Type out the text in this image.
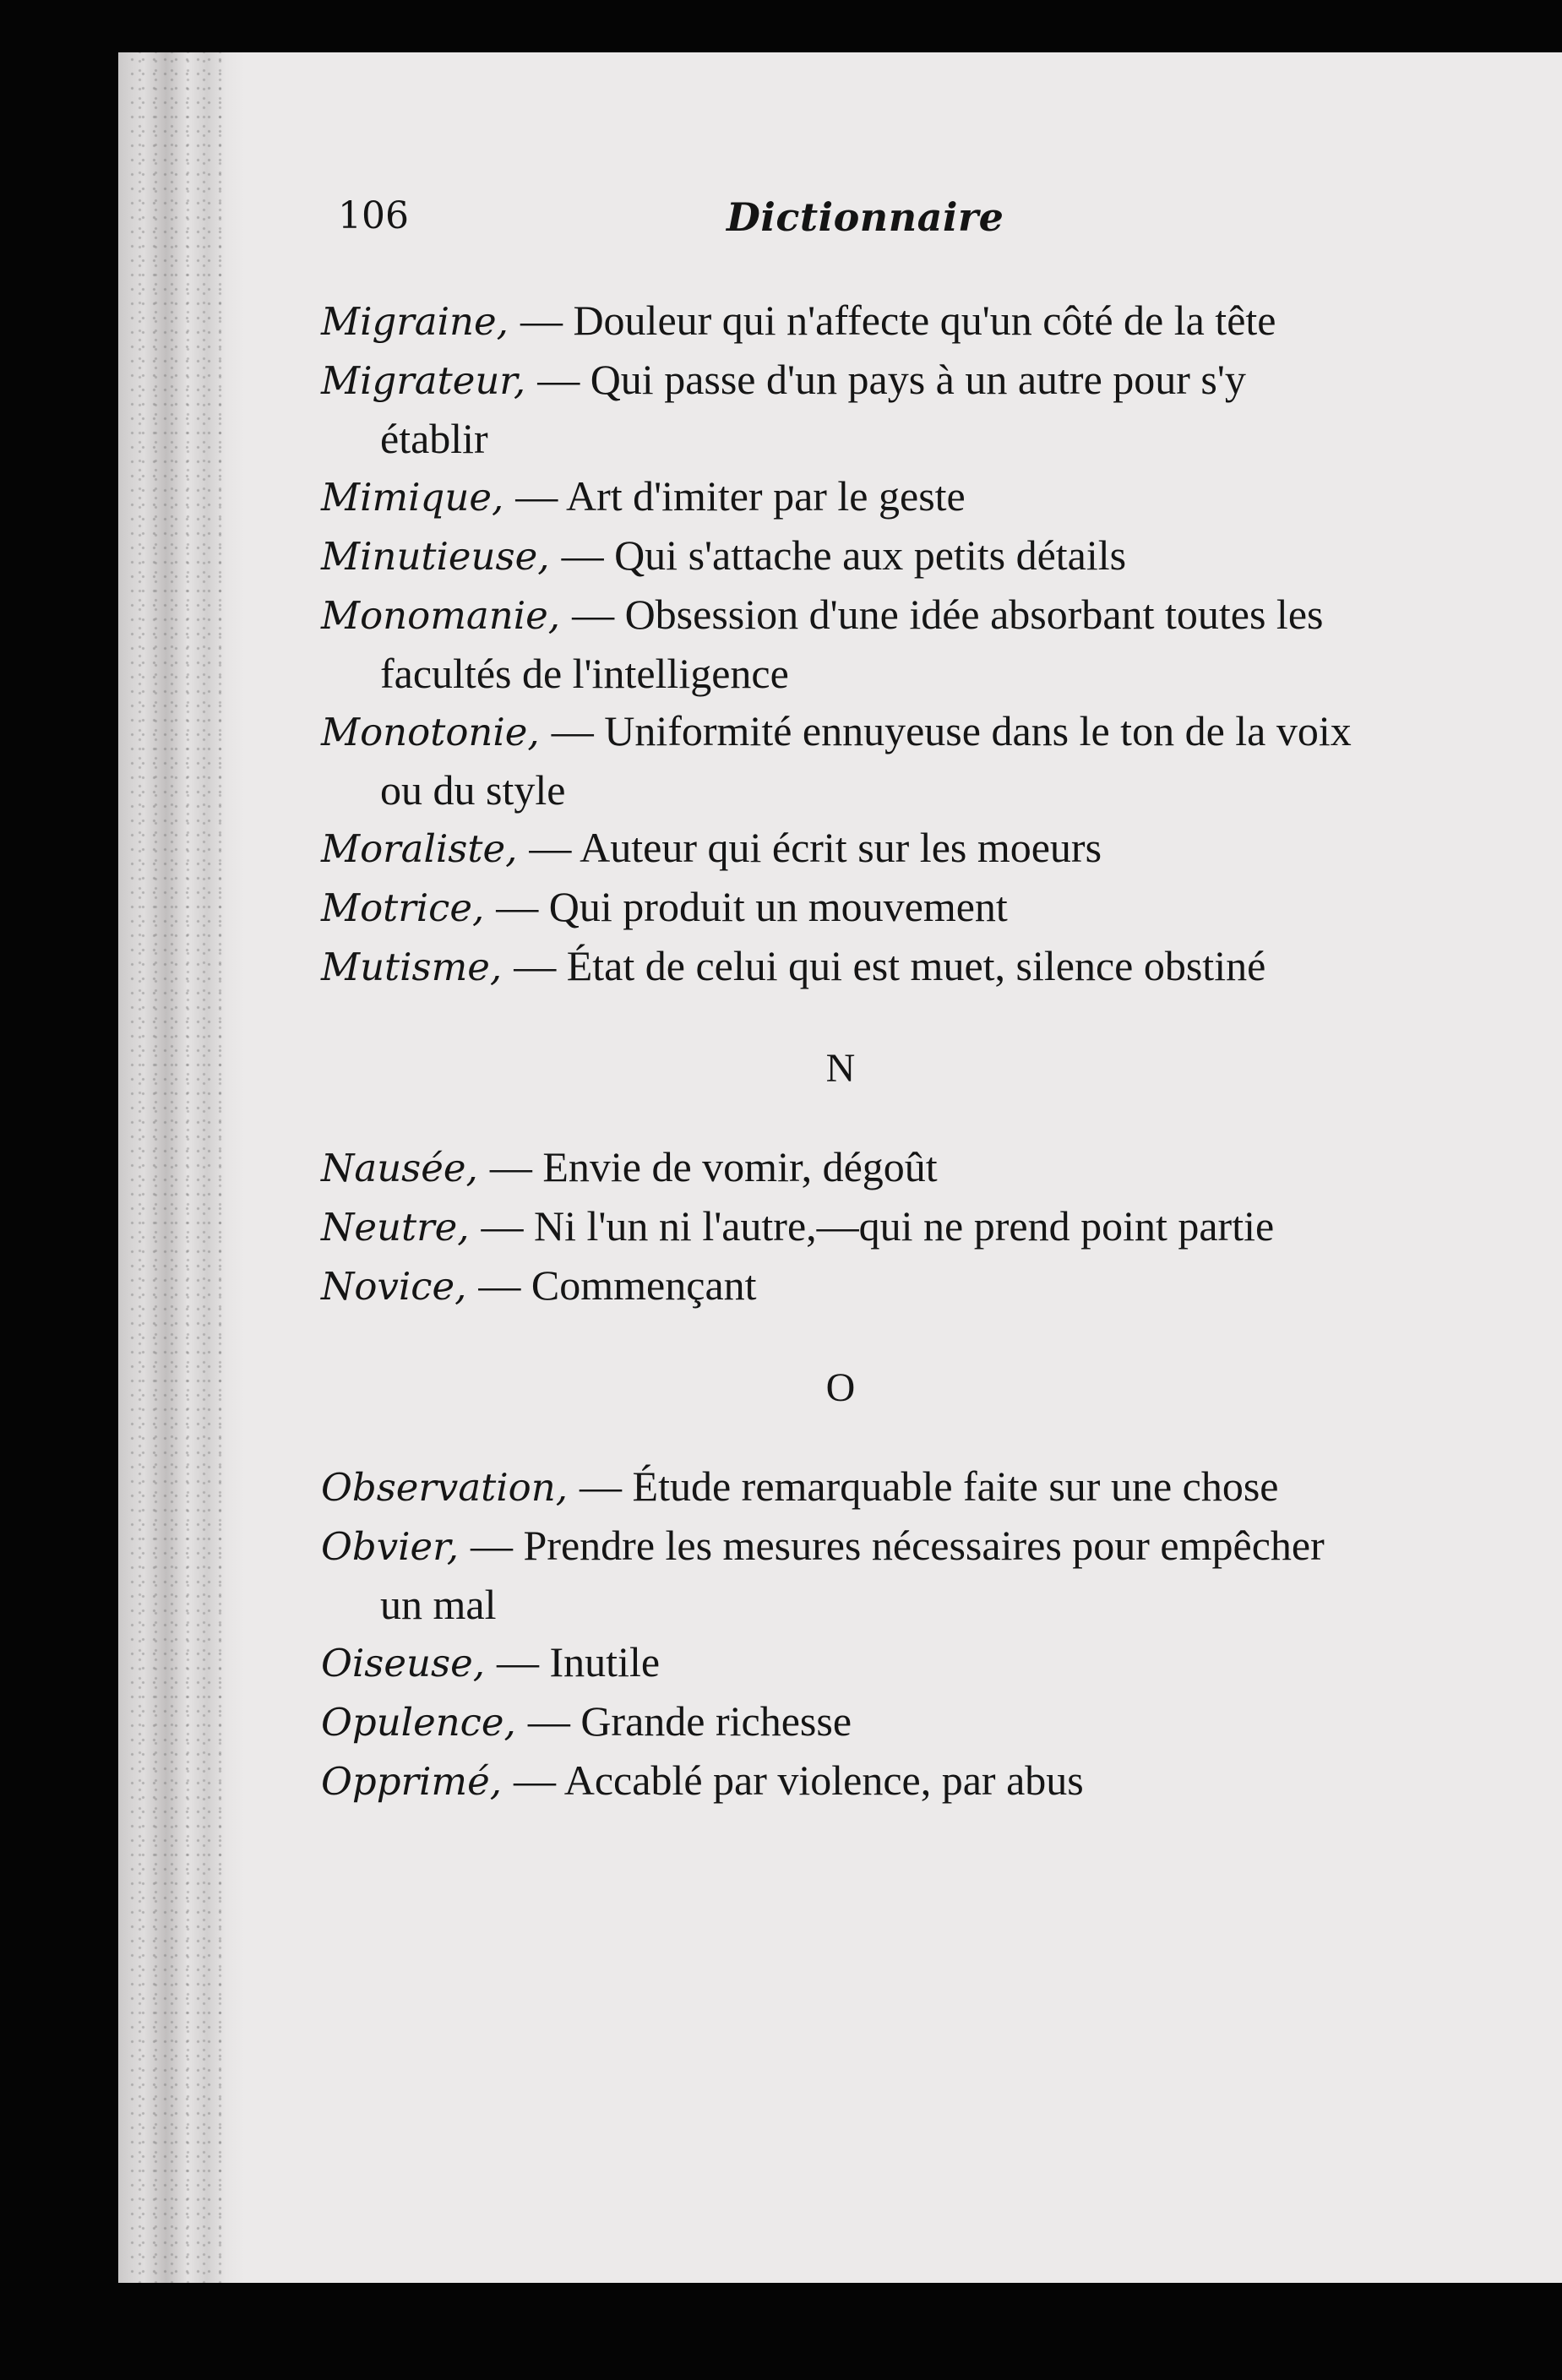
106	Dictionnaire

Migraine, — Douleur qui n'affecte qu'un côté de la tête

Migrateur, — Qui passe d'un pays à un autre pour s'y établir

Mimique, — Art d'imiter par le geste

Minutieuse, — Qui s'attache aux petits détails

Monomanie, — Obsession d'une idée absorbant toutes les facultés de l'intelligence

Monotonie, — Uniformité ennuyeuse dans le ton de la voix ou du style

Moraliste, — Auteur qui écrit sur les moeurs

Motrice, — Qui produit un mouvement

Mutisme, — État de celui qui est muet, silence obstiné

N

Nausée, — Envie de vomir, dégoût

Neutre, — Ni l'un ni l'autre,—qui ne prend point partie

Novice, — Commençant

O

Observation, — Étude remarquable faite sur une chose

Obvier, — Prendre les mesures nécessaires pour empêcher un mal

Oiseuse, — Inutile

Opulence, — Grande richesse

Opprimé, — Accablé par violence, par abus
